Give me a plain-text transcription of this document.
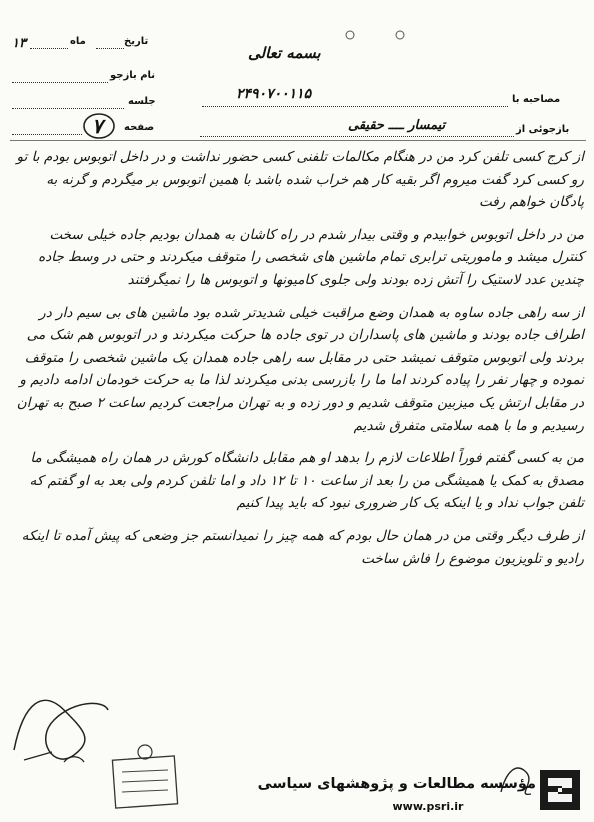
بسمه تعالی
تاریخ
ماه
۱۳
نام بازجو
جلسه
صفحه
۷
مصاحبه با
۲۴۹۰۷۰۰۱۱۵
بازجوئی از
تیمسار ــــ حقیقی

از کرج کسی تلفن کرد من در هنگام مکالمات تلفنی کسی حضور نداشت و در داخل اتوبوس بودم با تو رو کسی کرد گفت میروم اگر بقیه کار هم خراب شده باشد با همین اتوبوس بر میگردم و گرنه به پادگان خواهم رفت

من در داخل اتوبوس خوابیدم و وقتی بیدار شدم در راه کاشان به همدان بودیم جاده خیلی سخت کنترل میشد و ماموریتی ترابری تمام ماشین های شخصی را متوقف میکردند و حتی در وسط جاده چندین عدد لاستیک را آتش زده بودند ولی جلوی کامیونها و اتوبوس ها را نمیگرفتند

از سه راهی جاده ساوه به همدان وضع مراقبت خیلی شدیدتر شده بود ماشین های بی سیم دار در اطراف جاده بودند و ماشین های پاسداران در توی جاده ها حرکت میکردند و در اتوبوس هم شک می بردند ولی اتوبوس متوقف نمیشد حتی در مقابل سه راهی جاده همدان یک ماشین شخصی را متوقف نموده و چهار نفر را پیاده کردند اما ما را بازرسی بدنی میکردند لذا ما به حرکت خودمان ادامه دادیم و در مقابل ارتش یک میزبین متوقف شدیم و دور زده و به تهران مراجعت کردیم ساعت ۲ صبح به تهران رسیدیم و ما با همه سلامتی متفرق شدیم

من به کسی گفتم فوراً اطلاعات لازم را بدهد او هم مقابل دانشگاه کورش در همان راه همیشگی ما مصدق به کمک یا همیشگی من را بعد از ساعت ۱۰ تا ۱۲ داد و اما تلفن کردم ولی بعد به او گفتم که تلفن جواب نداد و یا اینکه یک کار ضروری نبود که باید پیدا کنیم

از طرف دیگر وقتی من در همان حال بودم که همه چیز را نمیدانستم جز وضعی که پیش آمده تا اینکه رادیو و تلویزیون موضوع را فاش ساخت

مؤسسه مطالعات و پژوهشهای سیاسی
www.psri.ir
